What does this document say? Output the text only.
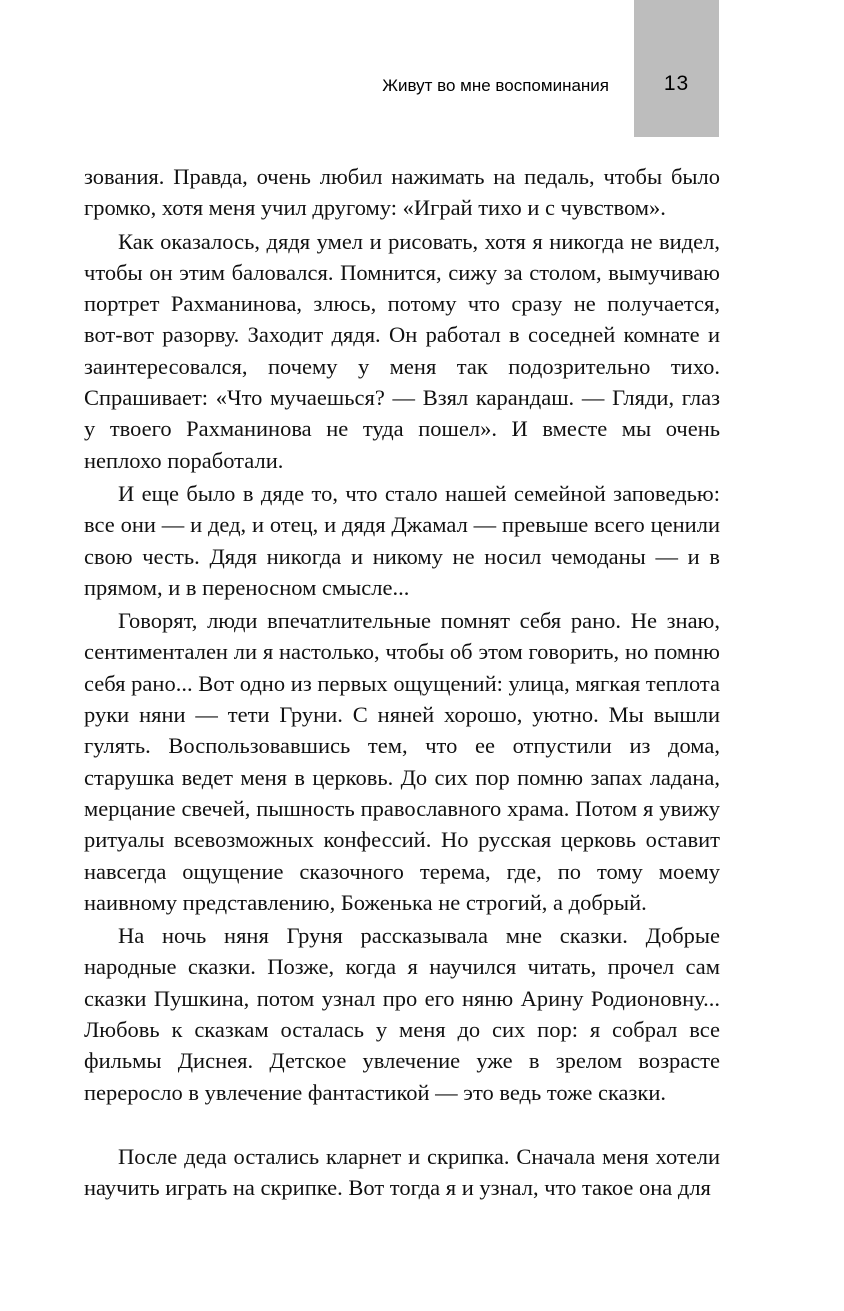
13
Живут во мне воспоминания

зования. Правда, очень любил нажимать на педаль, чтобы было громко, хотя меня учил другому: «Играй тихо и с чувством».

Как оказалось, дядя умел и рисовать, хотя я никогда не видел, чтобы он этим баловался. Помнится, сижу за столом, вымучиваю портрет Рахманинова, злюсь, потому что сразу не получается, вот-вот разорву. Заходит дядя. Он работал в соседней комнате и заинтересовался, почему у меня так подозрительно тихо. Спрашивает: «Что мучаешься? — Взял карандаш. — Гляди, глаз у твоего Рахманинова не туда пошел». И вместе мы очень неплохо поработали.

И еще было в дяде то, что стало нашей семейной заповедью: все они — и дед, и отец, и дядя Джамал — превыше всего ценили свою честь. Дядя никогда и никому не носил чемоданы — и в прямом, и в переносном смысле...

Говорят, люди впечатлительные помнят себя рано. Не знаю, сентиментален ли я настолько, чтобы об этом говорить, но помню себя рано... Вот одно из первых ощущений: улица, мягкая теплота руки няни — тети Груни. С няней хорошо, уютно. Мы вышли гулять. Воспользовавшись тем, что ее отпустили из дома, старушка ведет меня в церковь. До сих пор помню запах ладана, мерцание свечей, пышность православного храма. Потом я увижу ритуалы всевозможных конфессий. Но русская церковь оставит навсегда ощущение сказочного терема, где, по тому моему наивному представлению, Боженька не строгий, а добрый.

На ночь няня Груня рассказывала мне сказки. Добрые народные сказки. Позже, когда я научился читать, прочел сам сказки Пушкина, потом узнал про его няню Арину Родионовну... Любовь к сказкам осталась у меня до сих пор: я собрал все фильмы Диснея. Детское увлечение уже в зрелом возрасте переросло в увлечение фантастикой — это ведь тоже сказки.

После деда остались кларнет и скрипка. Сначала меня хотели научить играть на скрипке. Вот тогда я и узнал, что такое она для
